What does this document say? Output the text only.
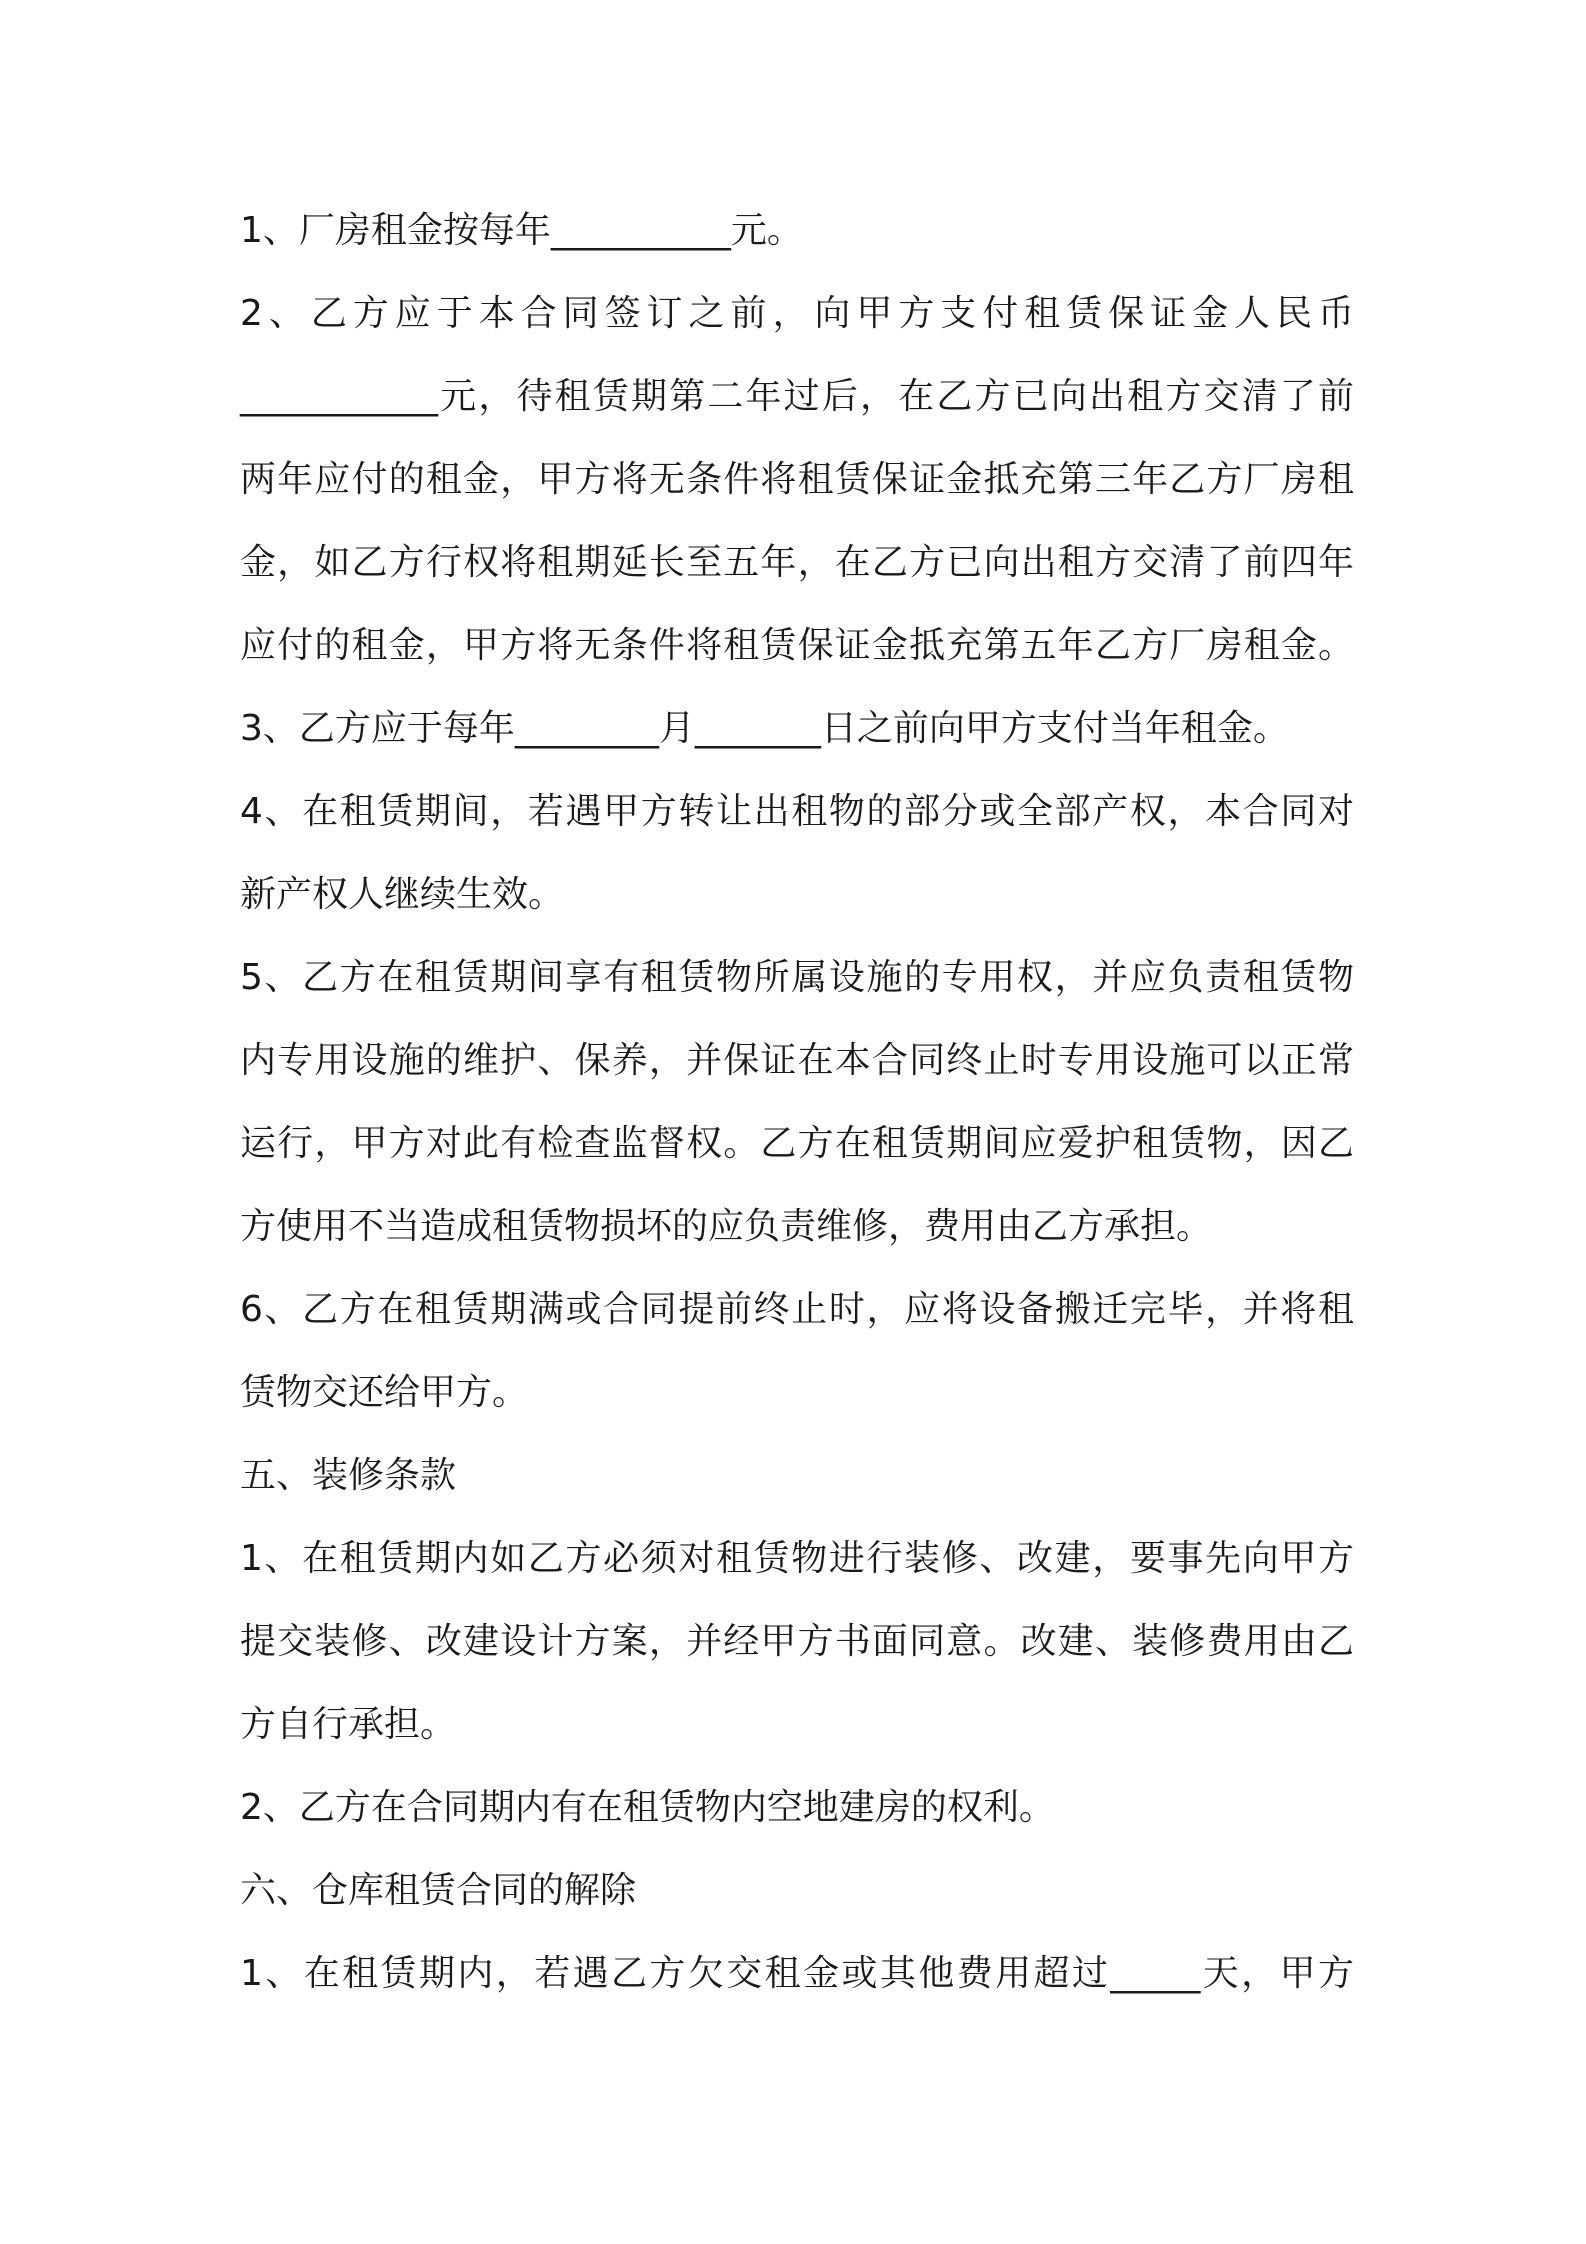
1、厂房租金按每年__________元。

2、乙方应于本合同签订之前，向甲方支付租赁保证金人民币

___________元，待租赁期第二年过后，在乙方已向出租方交清了前

两年应付的租金，甲方将无条件将租赁保证金抵充第三年乙方厂房租

金，如乙方行权将租期延长至五年，在乙方已向出租方交清了前四年

应付的租金，甲方将无条件将租赁保证金抵充第五年乙方厂房租金。

3、乙方应于每年________月_______日之前向甲方支付当年租金。

4、在租赁期间，若遇甲方转让出租物的部分或全部产权，本合同对

新产权人继续生效。

5、乙方在租赁期间享有租赁物所属设施的专用权，并应负责租赁物

内专用设施的维护、保养，并保证在本合同终止时专用设施可以正常

运行，甲方对此有检查监督权。乙方在租赁期间应爱护租赁物，因乙

方使用不当造成租赁物损坏的应负责维修，费用由乙方承担。

6、乙方在租赁期满或合同提前终止时，应将设备搬迁完毕，并将租

赁物交还给甲方。

五、装修条款

1、在租赁期内如乙方必须对租赁物进行装修、改建，要事先向甲方

提交装修、改建设计方案，并经甲方书面同意。改建、装修费用由乙

方自行承担。

2、乙方在合同期内有在租赁物内空地建房的权利。

六、仓库租赁合同的解除

1、在租赁期内，若遇乙方欠交租金或其他费用超过_____天，甲方
